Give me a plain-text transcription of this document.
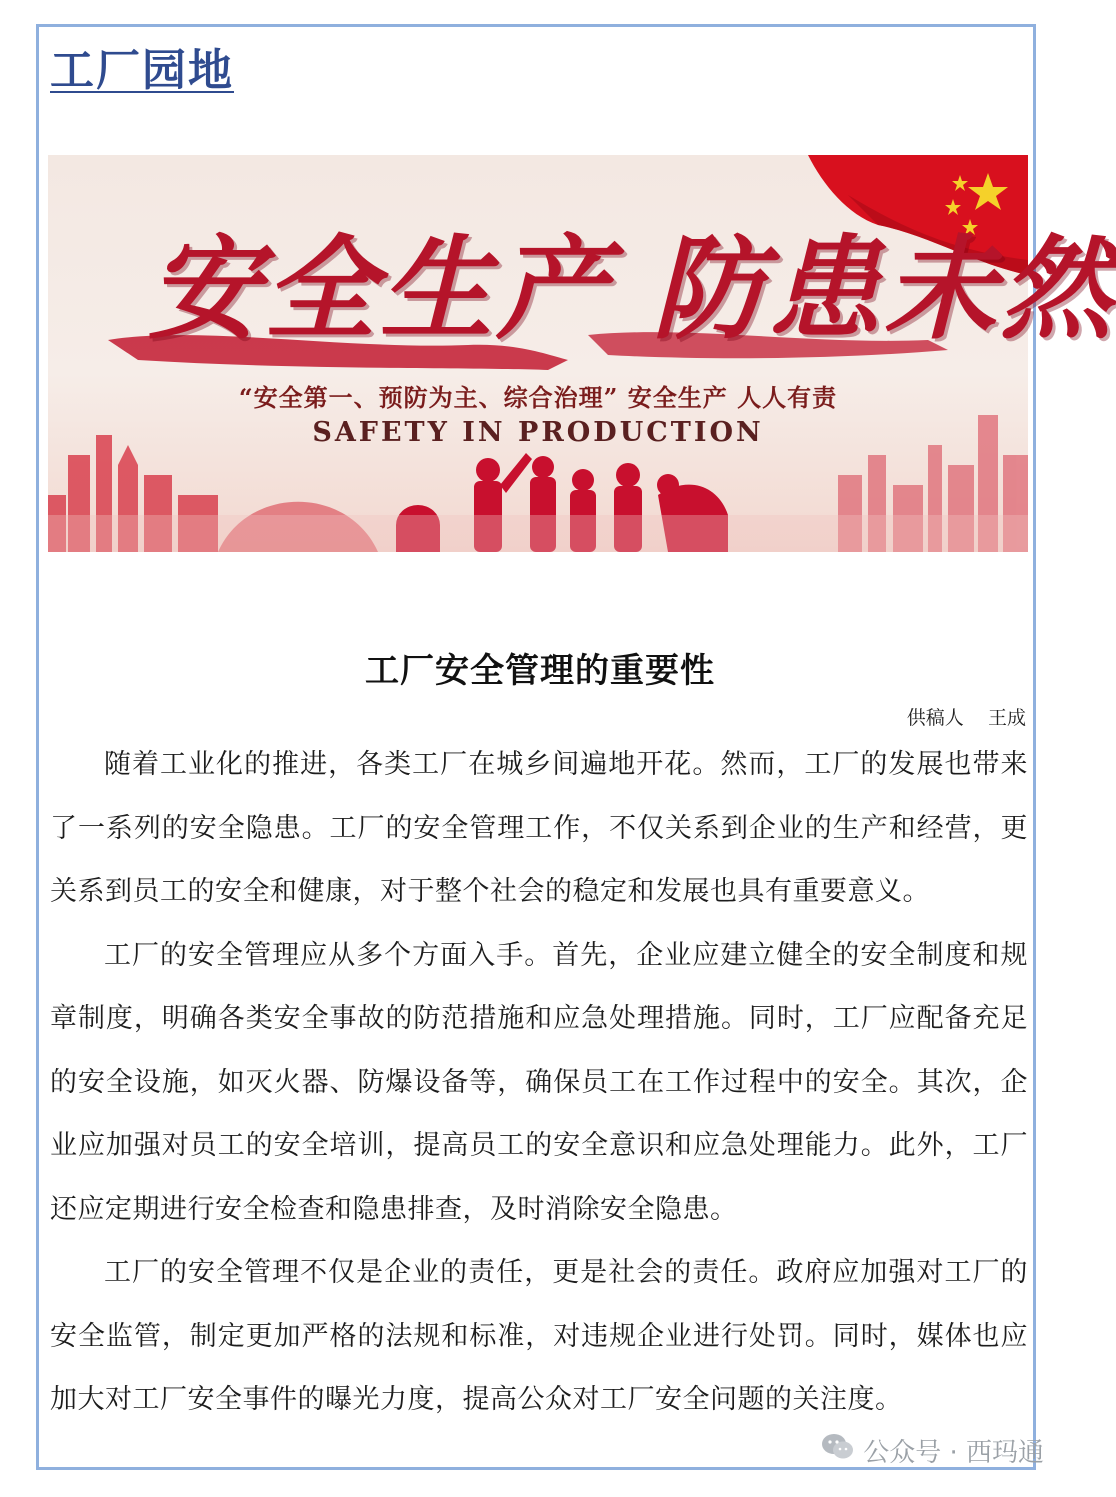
工厂园地
安全生产 防患未然
“安全第一、预防为主、综合治理” 安全生产 人人有责
SAFETY IN PRODUCTION
工厂安全管理的重要性
供稿人 王成

随着工业化的推进，各类工厂在城乡间遍地开花。然而，工厂的发展也带来了一系列的安全隐患。工厂的安全管理工作，不仅关系到企业的生产和经营，更关系到员工的安全和健康，对于整个社会的稳定和发展也具有重要意义。

工厂的安全管理应从多个方面入手。首先，企业应建立健全的安全制度和规章制度，明确各类安全事故的防范措施和应急处理措施。同时，工厂应配备充足的安全设施，如灭火器、防爆设备等，确保员工在工作过程中的安全。其次，企业应加强对员工的安全培训，提高员工的安全意识和应急处理能力。此外，工厂还应定期进行安全检查和隐患排查，及时消除安全隐患。

工厂的安全管理不仅是企业的责任，更是社会的责任。政府应加强对工厂的安全监管，制定更加严格的法规和标准，对违规企业进行处罚。同时，媒体也应加大对工厂安全事件的曝光力度，提高公众对工厂安全问题的关注度。

公众号 · 西玛通
